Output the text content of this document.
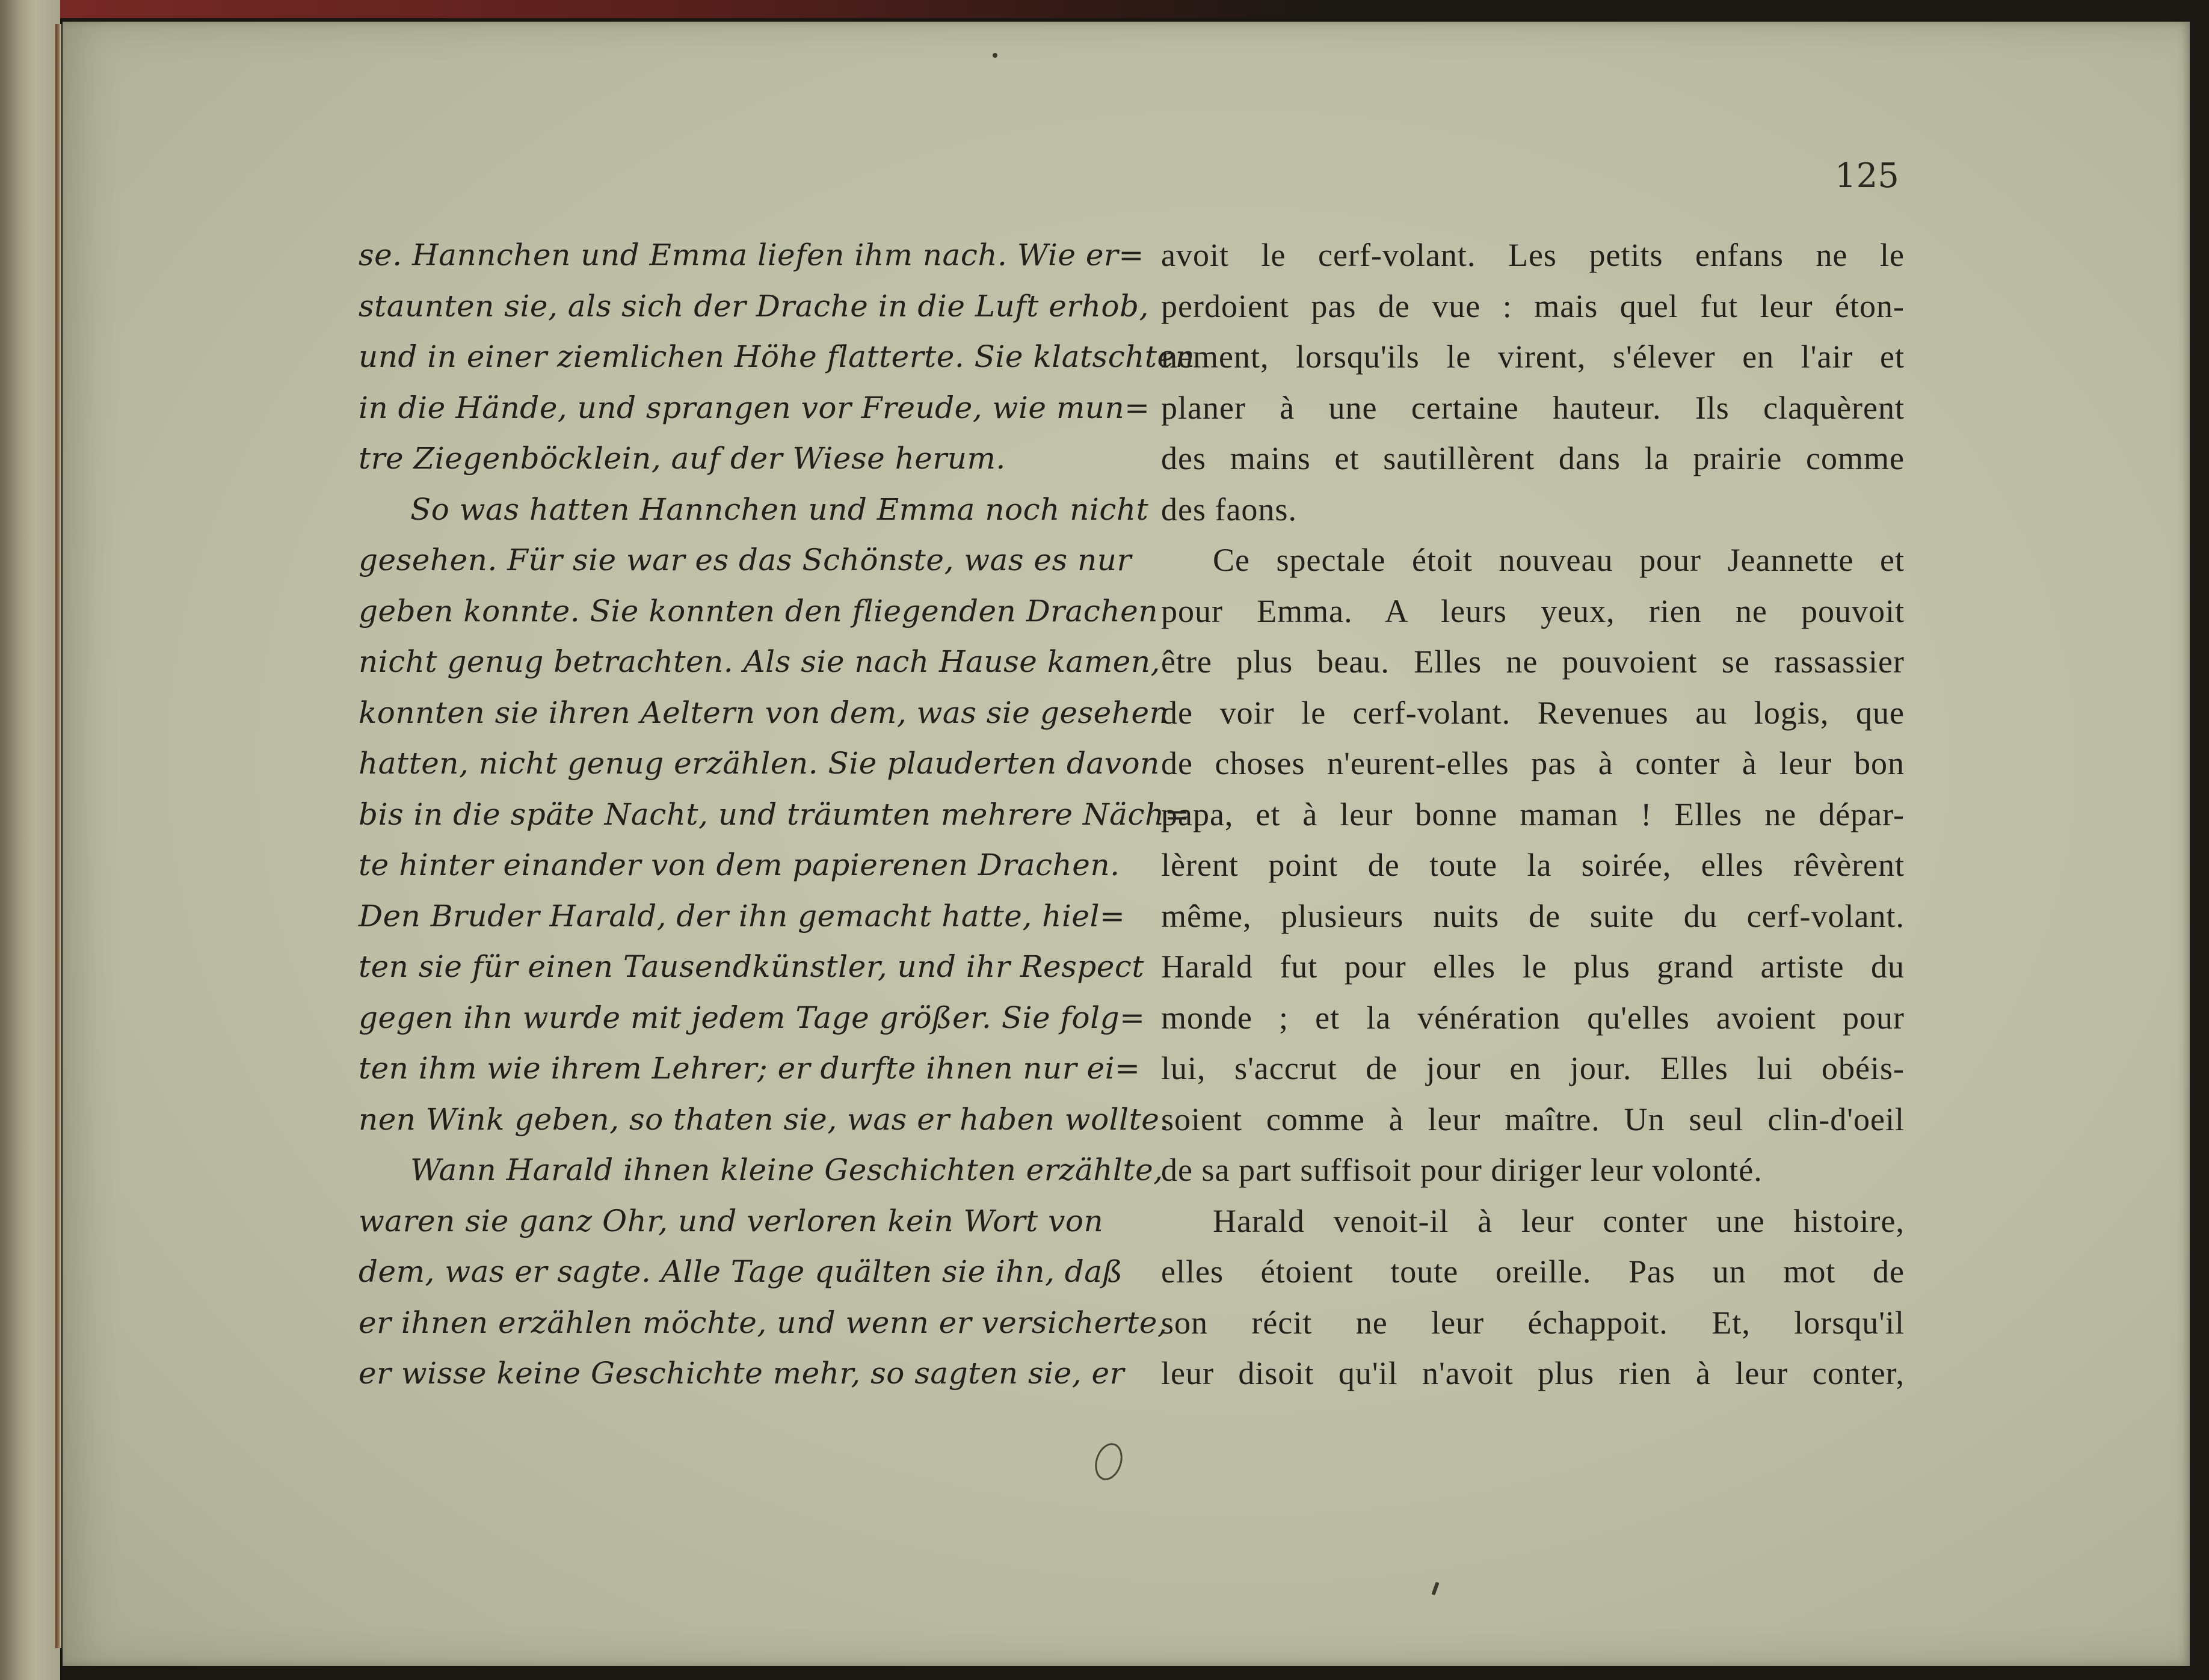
125

se. Hannchen und Emma liefen ihm nach. Wie er=
staunten sie, als sich der Drache in die Luft erhob,
und in einer ziemlichen Höhe flatterte. Sie klatschten
in die Hände, und sprangen vor Freude, wie mun=
tre Ziegenböcklein, auf der Wiese herum.
So was hatten Hannchen und Emma noch nicht
gesehen. Für sie war es das Schönste, was es nur
geben konnte. Sie konnten den fliegenden Drachen
nicht genug betrachten. Als sie nach Hause kamen,
konnten sie ihren Aeltern von dem, was sie gesehen
hatten, nicht genug erzählen. Sie plauderten davon
bis in die späte Nacht, und träumten mehrere Näch=
te hinter einander von dem papierenen Drachen.
Den Bruder Harald, der ihn gemacht hatte, hiel=
ten sie für einen Tausendkünstler, und ihr Respect
gegen ihn wurde mit jedem Tage größer. Sie folg=
ten ihm wie ihrem Lehrer; er durfte ihnen nur ei=
nen Wink geben, so thaten sie, was er haben wollte.
Wann Harald ihnen kleine Geschichten erzählte,
waren sie ganz Ohr, und verloren kein Wort von
dem, was er sagte. Alle Tage quälten sie ihn, daß
er ihnen erzählen möchte, und wenn er versicherte,
er wisse keine Geschichte mehr, so sagten sie, er
avoit le cerf-volant. Les petits enfans ne le
perdoient pas de vue : mais quel fut leur éton-
nement, lorsqu'ils le virent, s'élever en l'air et
planer à une certaine hauteur. Ils claquèrent
des mains et sautillèrent dans la prairie comme
des faons.
Ce spectale étoit nouveau pour Jeannette et
pour Emma. A leurs yeux, rien ne pouvoit
être plus beau. Elles ne pouvoient se rassassier
de voir le cerf-volant. Revenues au logis, que
de choses n'eurent-elles pas à conter à leur bon
papa, et à leur bonne maman ! Elles ne dépar-
lèrent point de toute la soirée, elles rêvèrent
même, plusieurs nuits de suite du cerf-volant.
Harald fut pour elles le plus grand artiste du
monde ; et la vénération qu'elles avoient pour
lui, s'accrut de jour en jour. Elles lui obéis-
soient comme à leur maître. Un seul clin-d'oeil
de sa part suffisoit pour diriger leur volonté.
Harald venoit-il à leur conter une histoire,
elles étoient toute oreille. Pas un mot de
son récit ne leur échappoit. Et, lorsqu'il
leur disoit qu'il n'avoit plus rien à leur conter,
0
